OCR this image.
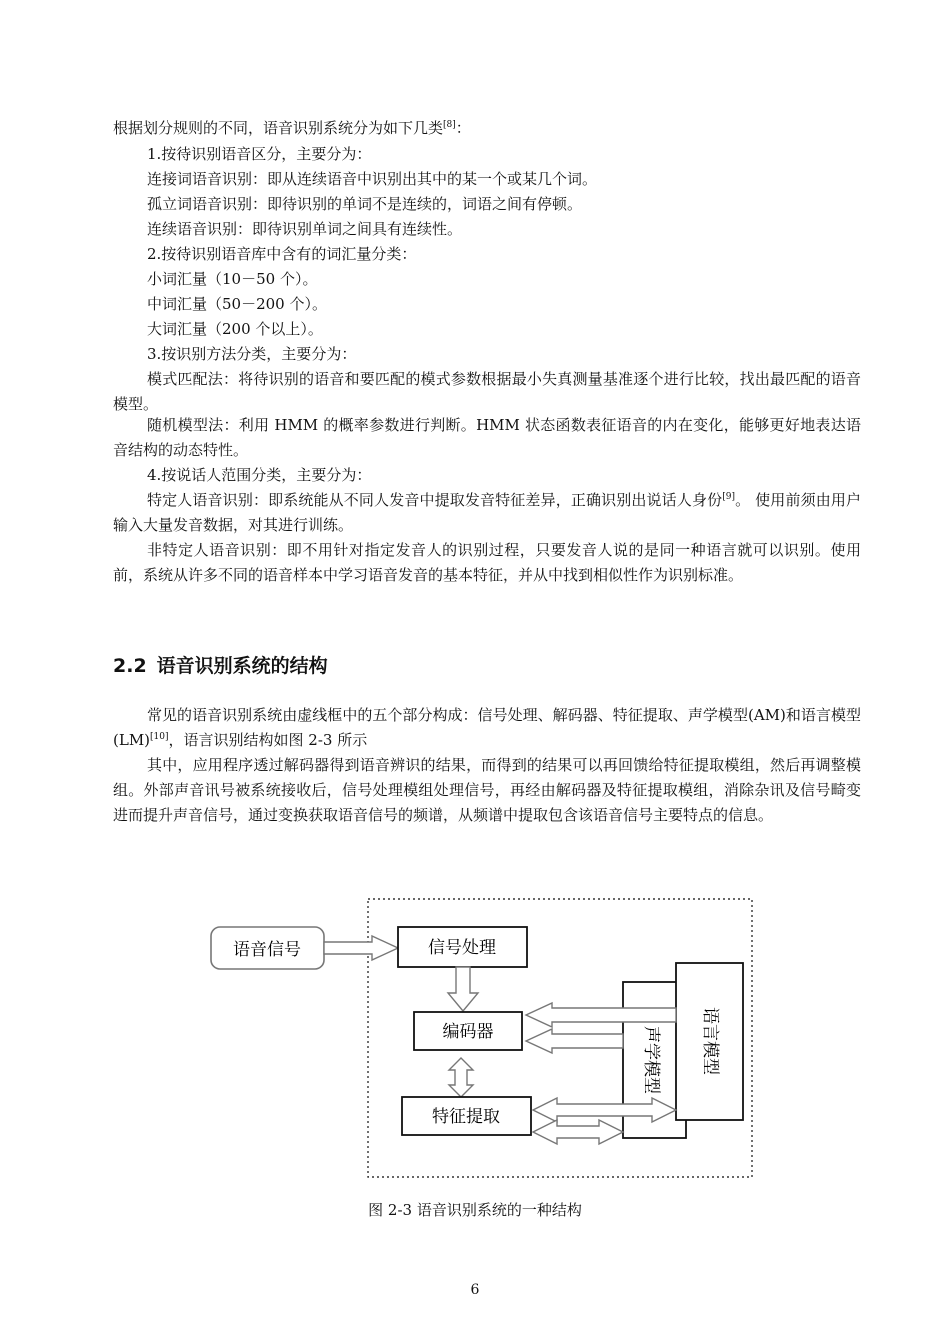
根据划分规则的不同，语音识别系统分为如下几类[8]：

1.按待识别语音区分，主要分为：

连接词语音识别：即从连续语音中识别出其中的某一个或某几个词。

孤立词语音识别：即待识别的单词不是连续的，词语之间有停顿。

连续语音识别：即待识别单词之间具有连续性。

2.按待识别语音库中含有的词汇量分类：

小词汇量（10－50 个）。

中词汇量（50－200 个）。

大词汇量（200 个以上）。

3.按识别方法分类，主要分为：

模式匹配法：将待识别的语音和要匹配的模式参数根据最小失真测量基准逐个进行比较，找出最匹配的语音模型。

随机模型法：利用 HMM 的概率参数进行判断。HMM 状态函数表征语音的内在变化，能够更好地表达语音结构的动态特性。

4.按说话人范围分类，主要分为：

特定人语音识别：即系统能从不同人发音中提取发音特征差异，正确识别出说话人身份[9]。 使用前须由用户输入大量发音数据，对其进行训练。

非特定人语音识别：即不用针对指定发音人的识别过程，只要发音人说的是同一种语言就可以识别。使用前，系统从许多不同的语音样本中学习语音发音的基本特征，并从中找到相似性作为识别标准。

2.2 语音识别系统的结构

常见的语音识别系统由虚线框中的五个部分构成：信号处理、解码器、特征提取、声学模型(AM)和语言模型(LM)[10]，语言识别结构如图 2-3 所示

其中，应用程序透过解码器得到语音辨识的结果，而得到的结果可以再回馈给特征提取模组，然后再调整模组。外部声音讯号被系统接收后，信号处理模组处理信号，再经由解码器及特征提取模组，消除杂讯及信号畸变进而提升声音信号，通过变换获取语音信号的频谱，从频谱中提取包含该语音信号主要特点的信息。

语音信号	信号处理
编码器
特征提取
声学模型 语言模型

图 2-3 语音识别系统的一种结构

6
